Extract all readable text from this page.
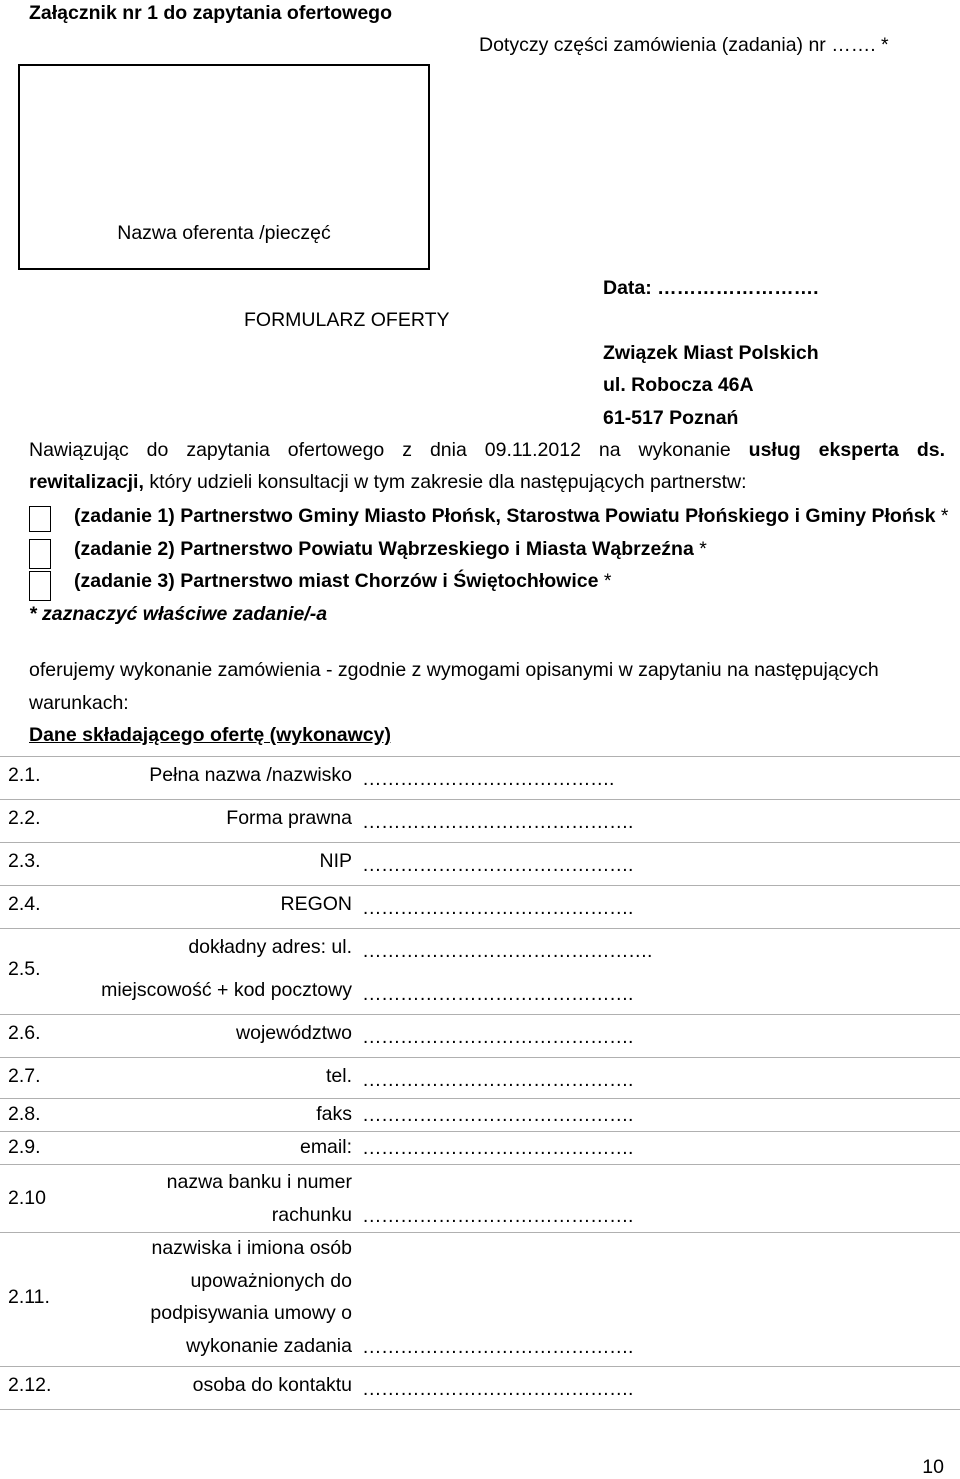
Załącznik nr 1 do zapytania ofertowego
Dotyczy części zamówienia (zadania) nr ……. *
Nazwa oferenta /pieczęć
Data: …………………….
FORMULARZ OFERTY
Związek Miast Polskich
ul. Robocza 46A
61-517 Poznań
Nawiązując do zapytania ofertowego z dnia 09.11.2012 na wykonanie usług eksperta ds.
rewitalizacji, który udzieli konsultacji w tym zakresie dla następujących partnerstw:
(zadanie 1) Partnerstwo Gminy Miasto Płońsk, Starostwa Powiatu Płońskiego i Gminy Płońsk *
(zadanie 2) Partnerstwo Powiatu Wąbrzeskiego i Miasta Wąbrzeźna *
(zadanie 3) Partnerstwo miast Chorzów i Świętochłowice *
* zaznaczyć właściwe zadanie/-a
oferujemy wykonanie zamówienia - zgodnie z wymogami opisanymi w zapytaniu na następujących
warunkach:
Dane składającego ofertę (wykonawcy)
2.1.	Pełna nazwa /nazwisko ………………………………….
2.2.	Forma prawna …………………………………….
2.3.	NIP …………………………………….
2.4.	REGON …………………………………….
2.5.
dokładny adres: ul. ……………………………………….
miejscowość + kod pocztowy …………………………………….
2.6.	województwo …………………………………….
2.7.	tel. …………………………………….
2.8.	faks …………………………………….
2.9.	email: …………………………………….
2.10
nazwa banku i numer
rachunku …………………………………….
2.11.
nazwiska i imiona osób
upoważnionych do
podpisywania umowy o
wykonanie zadania …………………………………….
2.12.	osoba do kontaktu …………………………………….
10
